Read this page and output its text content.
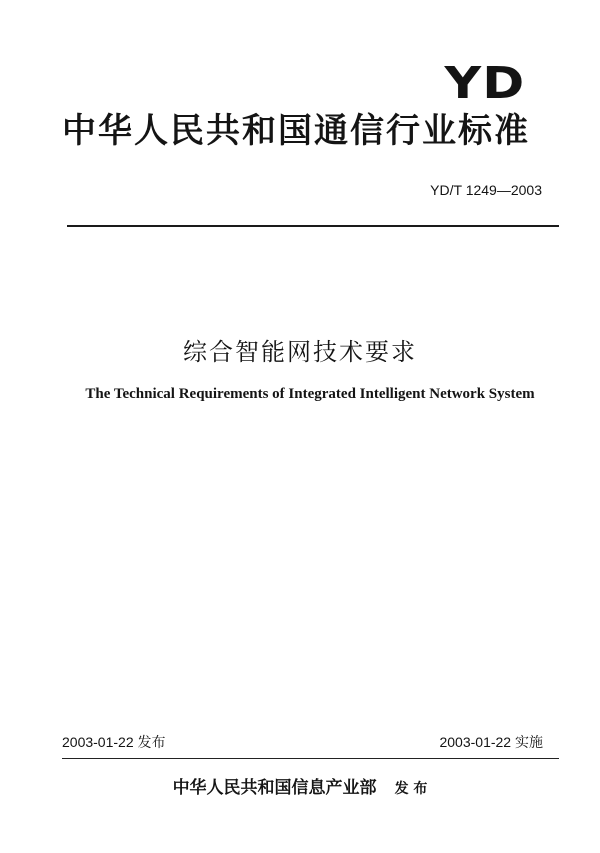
YD
中华人民共和国通信行业标准
YD/T 1249—2003
综合智能网技术要求
The Technical Requirements of Integrated Intelligent Network System
2003-01-22 发布	2003-01-22 实施
中华人民共和国信息产业部 发 布
